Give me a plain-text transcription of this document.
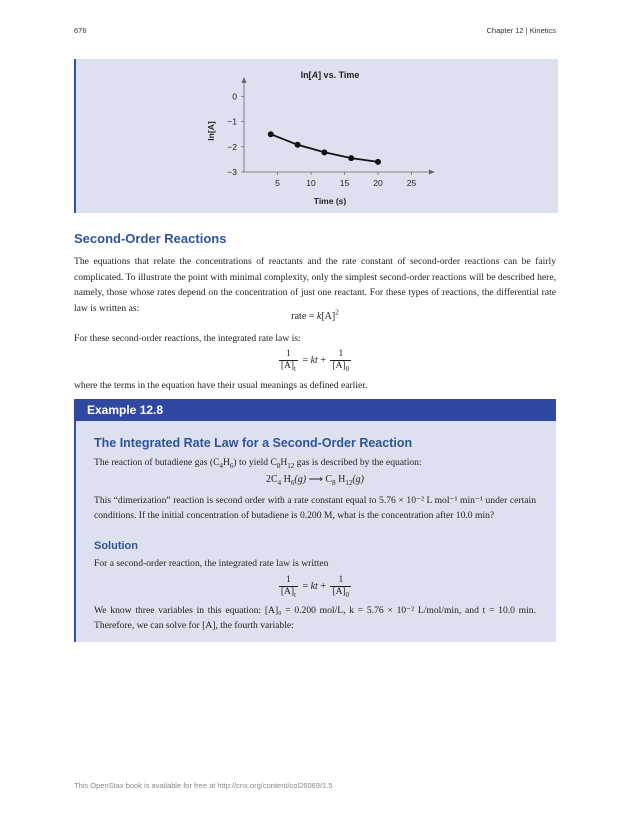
676	Chapter 12 | Kinetics
ln[A] vs. Time
5	10	15	20	25
0
−1
−2
−3
Time (s)
ln[A]
Second-Order Reactions

The equations that relate the concentrations of reactants and the rate constant of second-order reactions can be fairly complicated. To illustrate the point with minimal complexity, only the simplest second-order reactions will be described here, namely, those whose rates depend on the concentration of just one reactant. For these types of reactions, the differential rate law is written as:

rate = $k[A]^2$

For these second-order reactions, the integrated rate law is:

$\frac{1}{[A]_t}$ = kt + $\frac{1}{[A]_0}$

where the terms in the equation have their usual meanings as defined earlier.

Example 12.8
The Integrated Rate Law for a Second-Order Reaction

The reaction of butadiene gas $(C_4H_6)$ to yield $C_8H_{12}$ gas is described by the equation:

$2C_4$ $H_6(g)$ ⟶ $C_8$ $H_{12}(g)$

This “dimerization” reaction is second order with a rate constant equal to 5.76 × 10⁻² L mol⁻¹ min⁻¹ under certain conditions. If the initial concentration of butadiene is 0.200 M, what is the concentration after 10.0 min?

Solution

For a second-order reaction, the integrated rate law is written

$\frac{1}{[A]_t}$ = kt + $\frac{1}{[A]_0}$

We know three variables in this equation: [A]₀ = 0.200 mol/L, k = 5.76 × 10⁻² L/mol/min, and t = 10.0 min. Therefore, we can solve for [A], the fourth variable:

This OpenStax book is available for free at http://cnx.org/content/col26069/1.5
